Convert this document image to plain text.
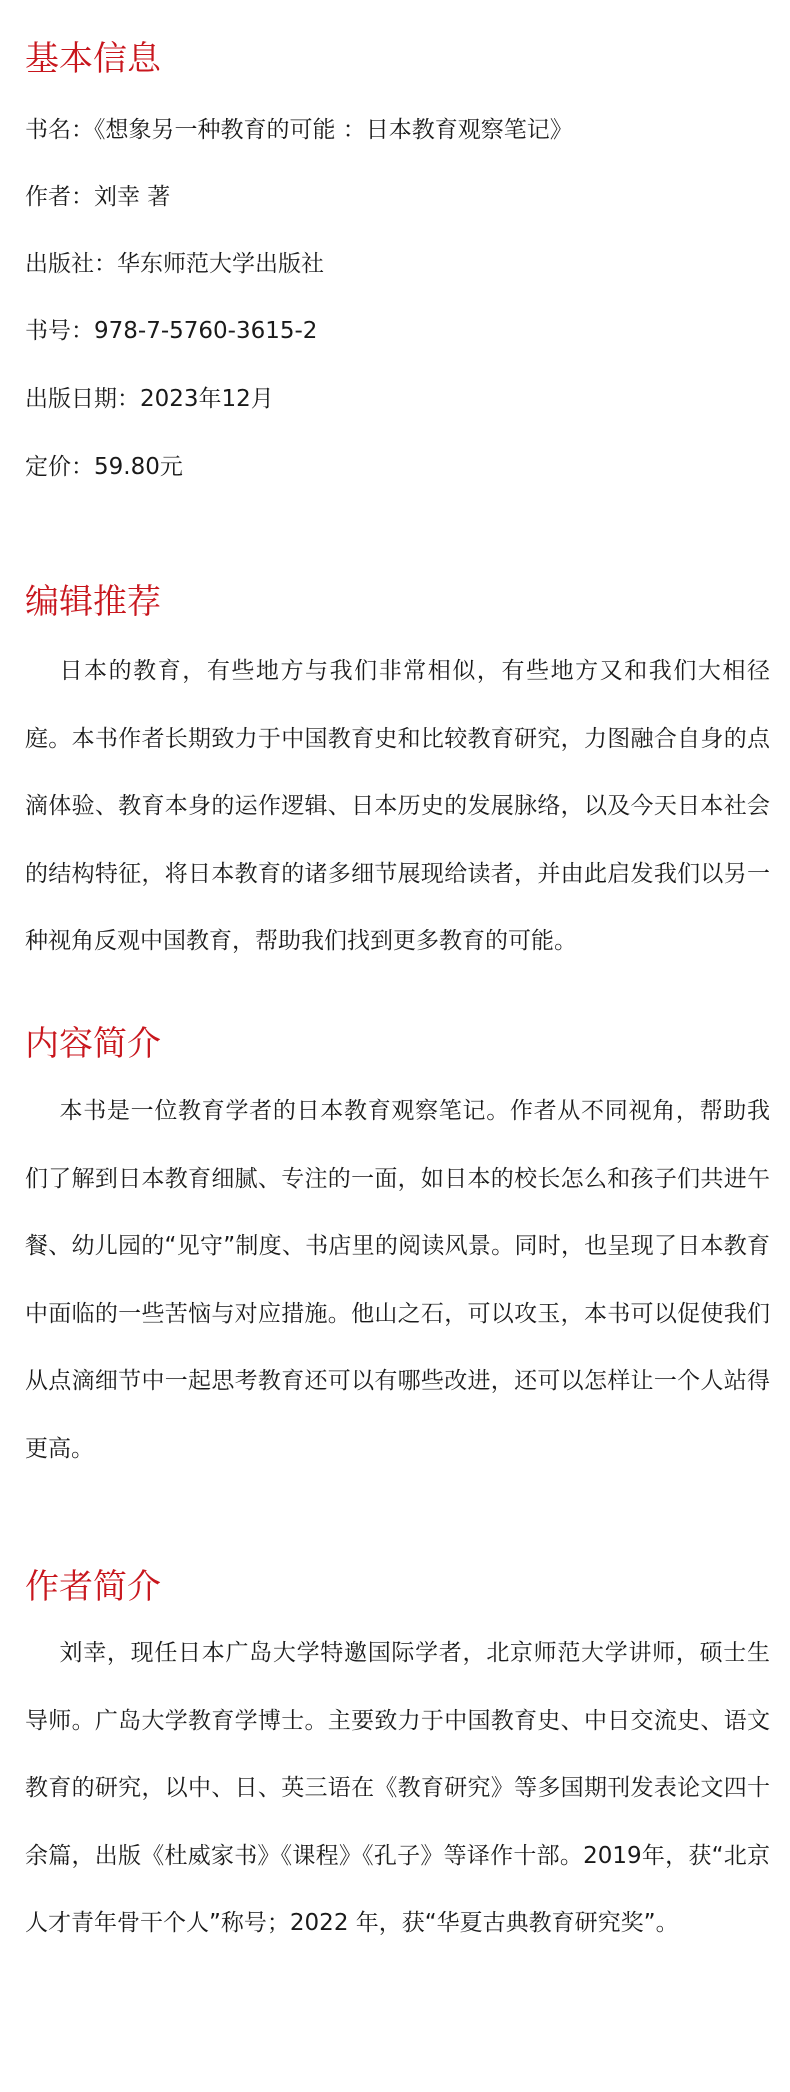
基本信息

书名：《想象另一种教育的可能 ：日本教育观察笔记》

作者：刘幸 著

出版社：华东师范大学出版社

书号：978-7-5760-3615-2

出版日期：2023年12月

定价：59.80元

编辑推荐

日本的教育，有些地方与我们非常相似，有些地方又和我们大相径庭。本书作者长期致力于中国教育史和比较教育研究，力图融合自身的点滴体验、教育本身的运作逻辑、日本历史的发展脉络，以及今天日本社会的结构特征，将日本教育的诸多细节展现给读者，并由此启发我们以另一种视角反观中国教育，帮助我们找到更多教育的可能。

内容简介

本书是一位教育学者的日本教育观察笔记。作者从不同视角，帮助我们了解到日本教育细腻、专注的一面，如日本的校长怎么和孩子们共进午餐、幼儿园的“见守”制度、书店里的阅读风景。同时，也呈现了日本教育中面临的一些苦恼与对应措施。他山之石，可以攻玉，本书可以促使我们从点滴细节中一起思考教育还可以有哪些改进，还可以怎样让一个人站得更高。

作者简介

刘幸，现任日本广岛大学特邀国际学者，北京师范大学讲师，硕士生导师。广岛大学教育学博士。主要致力于中国教育史、中日交流史、语文教育的研究，以中、日、英三语在《教育研究》等多国期刊发表论文四十余篇，出版《杜威家书》《课程》《孔子》等译作十部。2019年，获“北京人才青年骨干个人”称号；2022 年，获“华夏古典教育研究奖”。
